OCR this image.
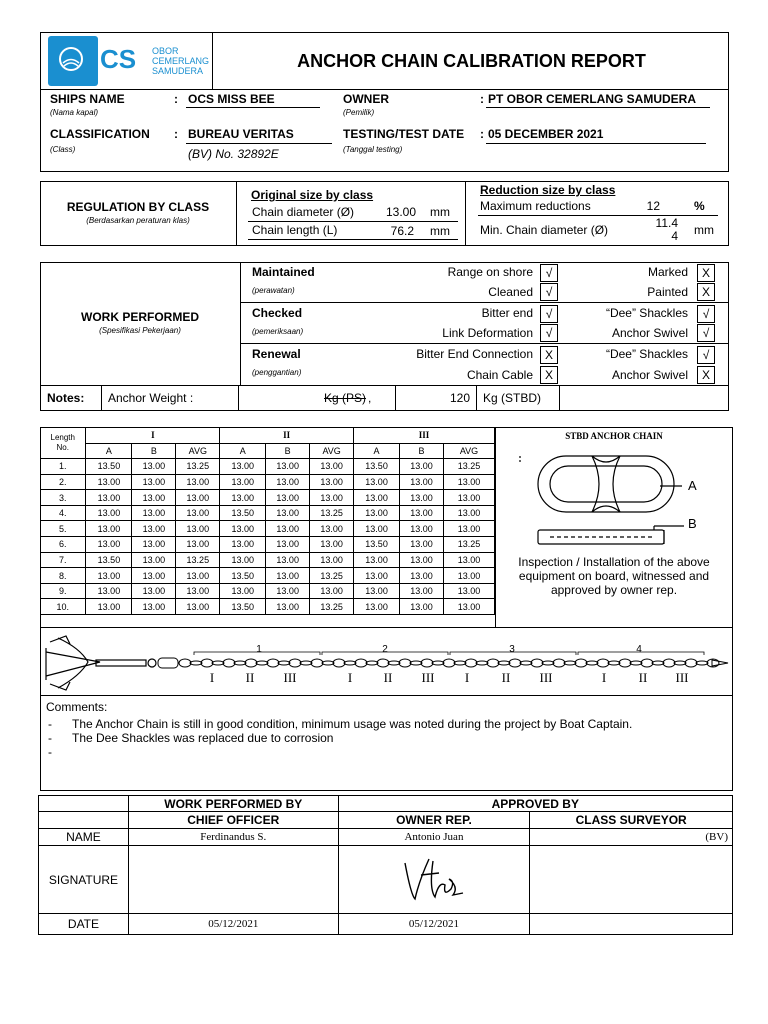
CS OBOR
CEMERLANG
SAMUDERA	ANCHOR CHAIN CALIBRATION REPORT
SHIPS NAME
(Nama kapal)
: OCS MISS BEE	OWNER
(Pemilik)
: PT OBOR CEMERLANG SAMUDERA
CLASSIFICATION
(Class)
: BUREAU VERITAS
(BV) No. 32892E
TESTING/TEST DATE
(Tanggal testing)
: 05 DECEMBER 2021
REGULATION BY CLASS
(Berdasarkan peraturan klas)
Original size by class
Chain diameter (Ø)	13.00 mm
Chain length (L)	76.2 mm
Reduction size by class
Maximum reductions	12	%
Min. Chain diameter (Ø)	11.4
4 mm
WORK PERFORMED
(Spesifikasi Pekerjaan)
Maintained
(perawatan)
Checked
(pemeriksaan)
Renewal
(penggantian)
Range on shore	√	Marked	X
Cleaned	√	Painted	X
Bitter end	√	“Dee” Shackles	√
Link Deformation	√	Anchor Swivel	√
Bitter End Connection X	“Dee” Shackles	√
Chain Cable X	Anchor Swivel	X
Notes: Anchor Weight :	Kg (PS) ,	120 Kg (STBD)
Length No.	I			II			III		
	A	B	AVG	A	B	AVG	A	B	AVG
1.	13.50	13.00	13.25	13.00	13.00	13.00	13.50	13.00	13.25
2.	13.00	13.00	13.00	13.00	13.00	13.00	13.00	13.00	13.00
3.	13.00	13.00	13.00	13.00	13.00	13.00	13.00	13.00	13.00
4.	13.00	13.00	13.00	13.50	13.00	13.25	13.00	13.00	13.00
5.	13.00	13.00	13.00	13.00	13.00	13.00	13.00	13.00	13.00
6.	13.00	13.00	13.00	13.00	13.00	13.00	13.50	13.00	13.25
7.	13.50	13.00	13.25	13.00	13.00	13.00	13.00	13.00	13.00
8.	13.00	13.00	13.00	13.50	13.00	13.25	13.00	13.00	13.00
9.	13.00	13.00	13.00	13.00	13.00	13.00	13.00	13.00	13.00
10.	13.00	13.00	13.00	13.50	13.00	13.25	13.00	13.00	13.00
STBD ANCHOR CHAIN
A
B
Inspection / Installation of the above
equipment on board, witnessed and
approved by owner rep.
1	2	3	4
I	II	III	I	II	III	I	II	III	I	II	III
Comments:
- The Anchor Chain is still in good condition, minimum usage was noted during the project by Boat Captain.
- The Dee Shackles was replaced due to corrosion
-
	WORK PERFORMED BY	APPROVED BY	
	CHIEF OFFICER	OWNER REP.	CLASS SURVEYOR
NAME	Ferdinandus S.	Antonio Juan	(BV)
SIGNATURE			
DATE	05/12/2021	05/12/2021	
